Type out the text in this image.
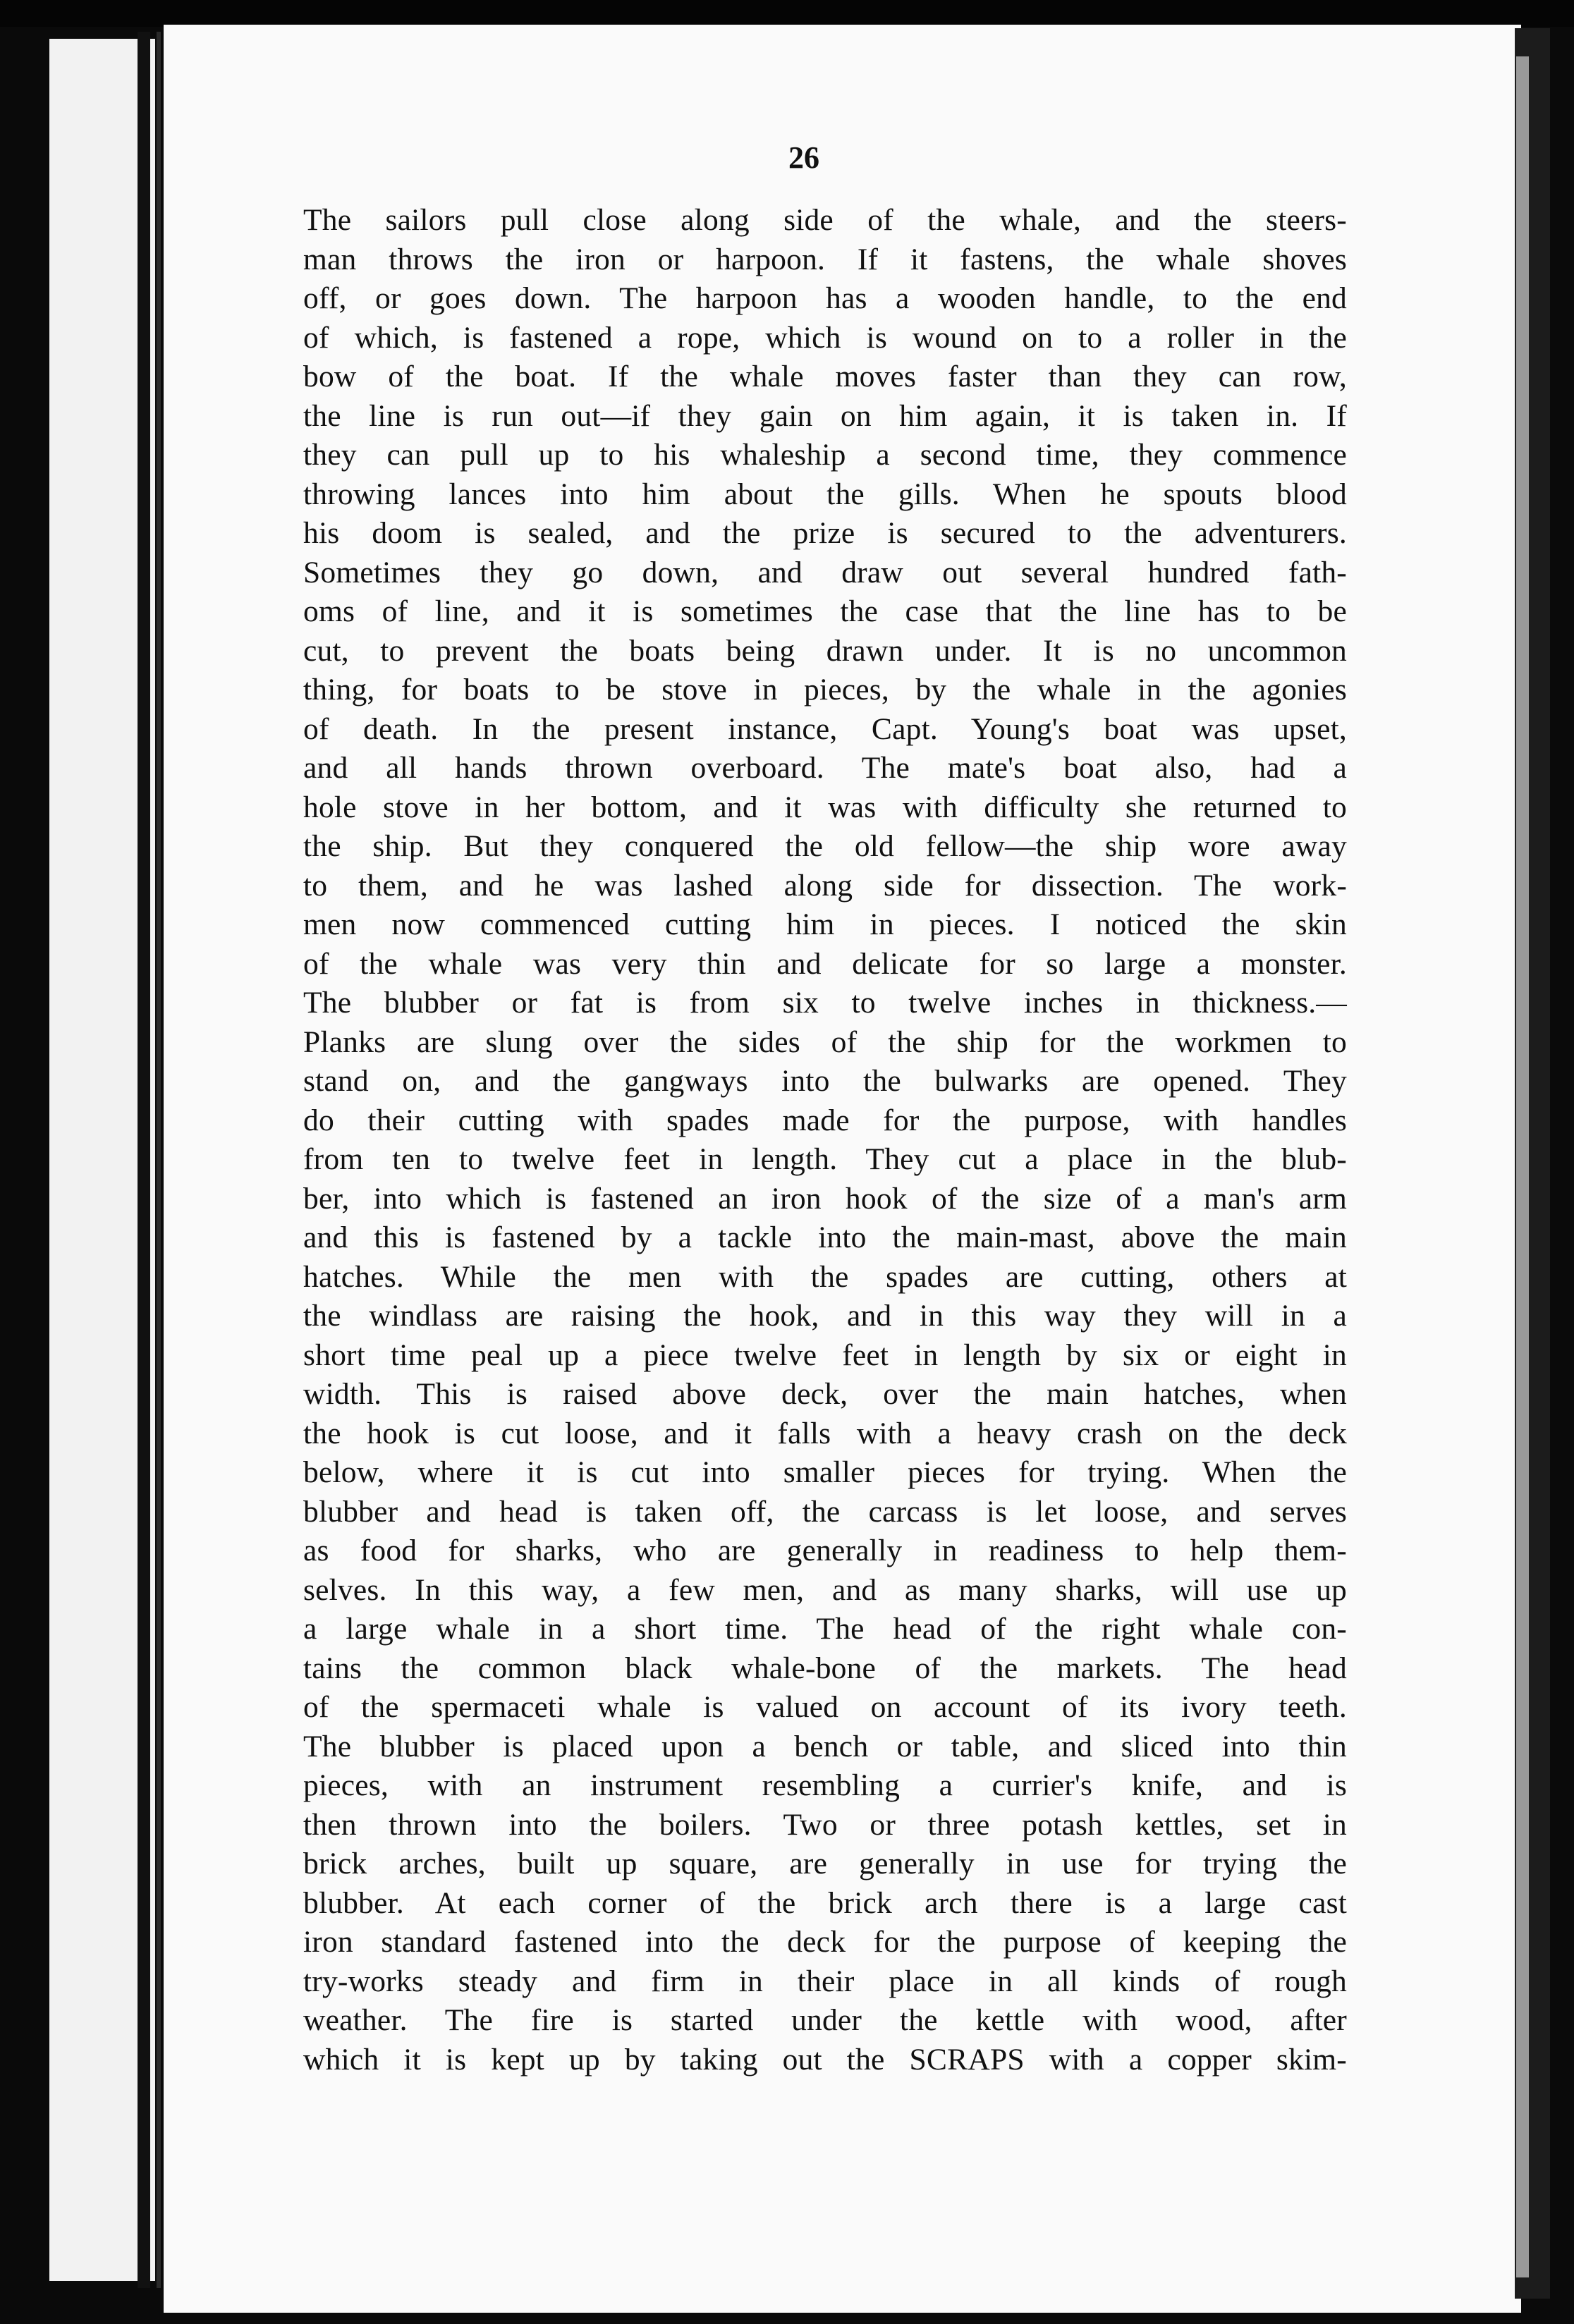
26
The sailors pull close along side of the whale, and the steers-
man throws the iron or harpoon. If it fastens, the whale shoves
off, or goes down. The harpoon has a wooden handle, to the end
of which, is fastened a rope, which is wound on to a roller in the
bow of the boat. If the whale moves faster than they can row,
the line is run out—if they gain on him again, it is taken in. If
they can pull up to his whaleship a second time, they commence
throwing lances into him about the gills. When he spouts blood
his doom is sealed, and the prize is secured to the adventurers.
Sometimes they go down, and draw out several hundred fath-
oms of line, and it is sometimes the case that the line has to be
cut, to prevent the boats being drawn under. It is no uncommon
thing, for boats to be stove in pieces, by the whale in the agonies
of death. In the present instance, Capt. Young's boat was upset,
and all hands thrown overboard. The mate's boat also, had a
hole stove in her bottom, and it was with difficulty she returned to
the ship. But they conquered the old fellow—the ship wore away
to them, and he was lashed along side for dissection. The work-
men now commenced cutting him in pieces. I noticed the skin
of the whale was very thin and delicate for so large a monster.
The blubber or fat is from six to twelve inches in thickness.—
Planks are slung over the sides of the ship for the workmen to
stand on, and the gangways into the bulwarks are opened. They
do their cutting with spades made for the purpose, with handles
from ten to twelve feet in length. They cut a place in the blub-
ber, into which is fastened an iron hook of the size of a man's arm
and this is fastened by a tackle into the main-mast, above the main
hatches. While the men with the spades are cutting, others at
the windlass are raising the hook, and in this way they will in a
short time peal up a piece twelve feet in length by six or eight in
width. This is raised above deck, over the main hatches, when
the hook is cut loose, and it falls with a heavy crash on the deck
below, where it is cut into smaller pieces for trying. When the
blubber and head is taken off, the carcass is let loose, and serves
as food for sharks, who are generally in readiness to help them-
selves. In this way, a few men, and as many sharks, will use up
a large whale in a short time. The head of the right whale con-
tains the common black whale-bone of the markets. The head
of the spermaceti whale is valued on account of its ivory teeth.
The blubber is placed upon a bench or table, and sliced into thin
pieces, with an instrument resembling a currier's knife, and is
then thrown into the boilers. Two or three potash kettles, set in
brick arches, built up square, are generally in use for trying the
blubber. At each corner of the brick arch there is a large cast
iron standard fastened into the deck for the purpose of keeping the
try-works steady and firm in their place in all kinds of rough
weather. The fire is started under the kettle with wood, after
which it is kept up by taking out the SCRAPS with a copper skim-
